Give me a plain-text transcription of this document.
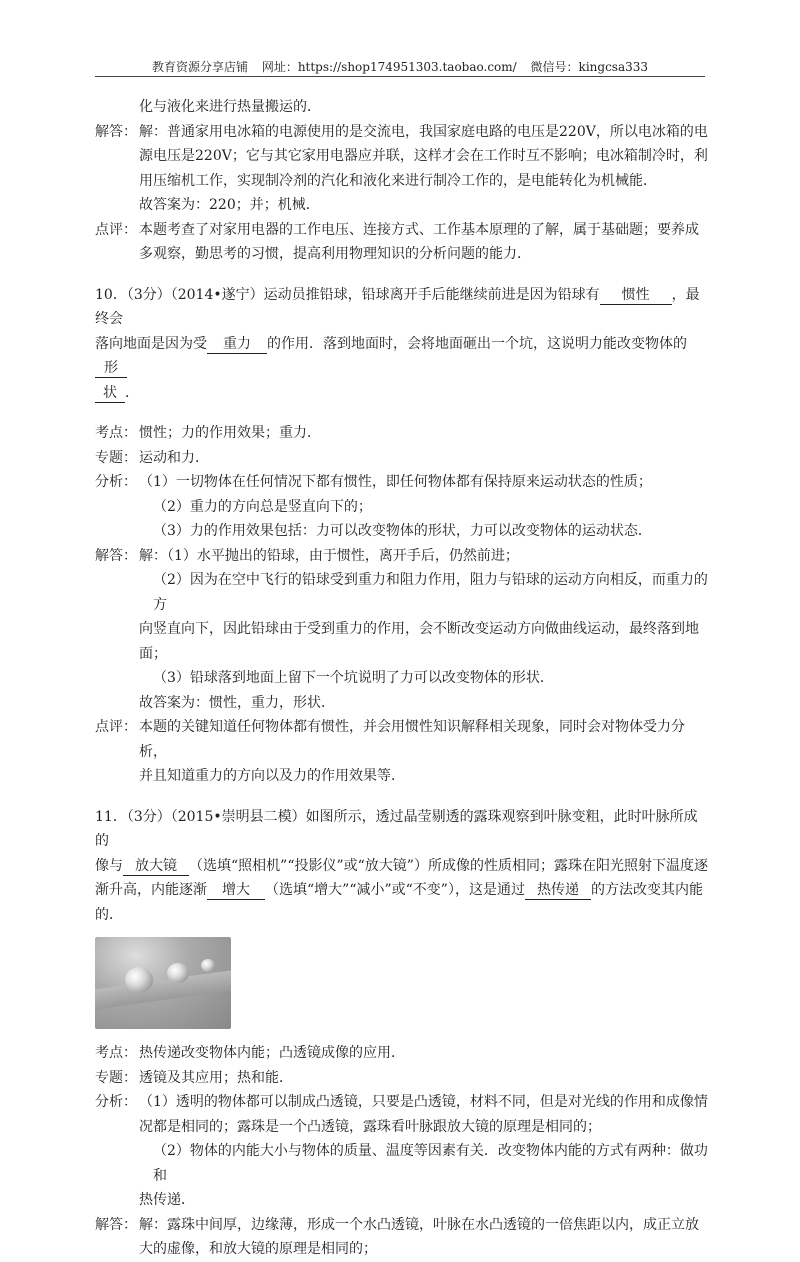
教育资源分享店铺 网址：https://shop174951303.taobao.com/ 微信号：kingcsa333
化与液化来进行热量搬运的．
解答： 解：普通家用电冰箱的电源使用的是交流电，我国家庭电路的电压是220V，所以电冰箱的电
源电压是220V；它与其它家用电器应并联，这样才会在工作时互不影响；电冰箱制冷时，利
用压缩机工作，实现制冷剂的汽化和液化来进行制冷工作的，是电能转化为机械能．
故答案为：220；并；机械．
点评： 本题考查了对家用电器的工作电压、连接方式、工作基本原理的了解，属于基础题；要养成
多观察，勤思考的习惯，提高利用物理知识的分析问题的能力．
10．（3分）（2014•遂宁）运动员推铅球，铅球离开手后能继续前进是因为铅球有 惯性 ，最终会
落向地面是因为受 重力 的作用．落到地面时，会将地面砸出一个坑，这说明力能改变物体的形
状 ．
考点： 惯性；力的作用效果；重力．
专题： 运动和力．
分析： （1）一切物体在任何情况下都有惯性，即任何物体都有保持原来运动状态的性质；
（2）重力的方向总是竖直向下的；
（3）力的作用效果包括：力可以改变物体的形状，力可以改变物体的运动状态．
解答： 解：（1）水平抛出的铅球，由于惯性，离开手后，仍然前进；
（2）因为在空中飞行的铅球受到重力和阻力作用，阻力与铅球的运动方向相反，而重力的方
向竖直向下，因此铅球由于受到重力的作用，会不断改变运动方向做曲线运动，最终落到地
面；
（3）铅球落到地面上留下一个坑说明了力可以改变物体的形状．
故答案为：惯性，重力，形状．
点评： 本题的关键知道任何物体都有惯性，并会用惯性知识解释相关现象，同时会对物体受力分析，
并且知道重力的方向以及力的作用效果等．
11．（3分）（2015•崇明县二模）如图所示，透过晶莹剔透的露珠观察到叶脉变粗，此时叶脉所成的
像与 放大镜 （选填“照相机”“投影仪”或“放大镜”）所成像的性质相同；露珠在阳光照射下温度逐
渐升高，内能逐渐 增大 （选填“增大”“减小”或“不变”），这是通过 热传递 的方法改变其内能
的．
考点： 热传递改变物体内能；凸透镜成像的应用．
专题： 透镜及其应用；热和能．
分析： （1）透明的物体都可以制成凸透镜，只要是凸透镜，材料不同，但是对光线的作用和成像情
况都是相同的；露珠是一个凸透镜，露珠看叶脉跟放大镜的原理是相同的；
（2）物体的内能大小与物体的质量、温度等因素有关．改变物体内能的方式有两种：做功和
热传递．
解答： 解：露珠中间厚，边缘薄，形成一个水凸透镜，叶脉在水凸透镜的一倍焦距以内，成正立放
大的虚像，和放大镜的原理是相同的；
